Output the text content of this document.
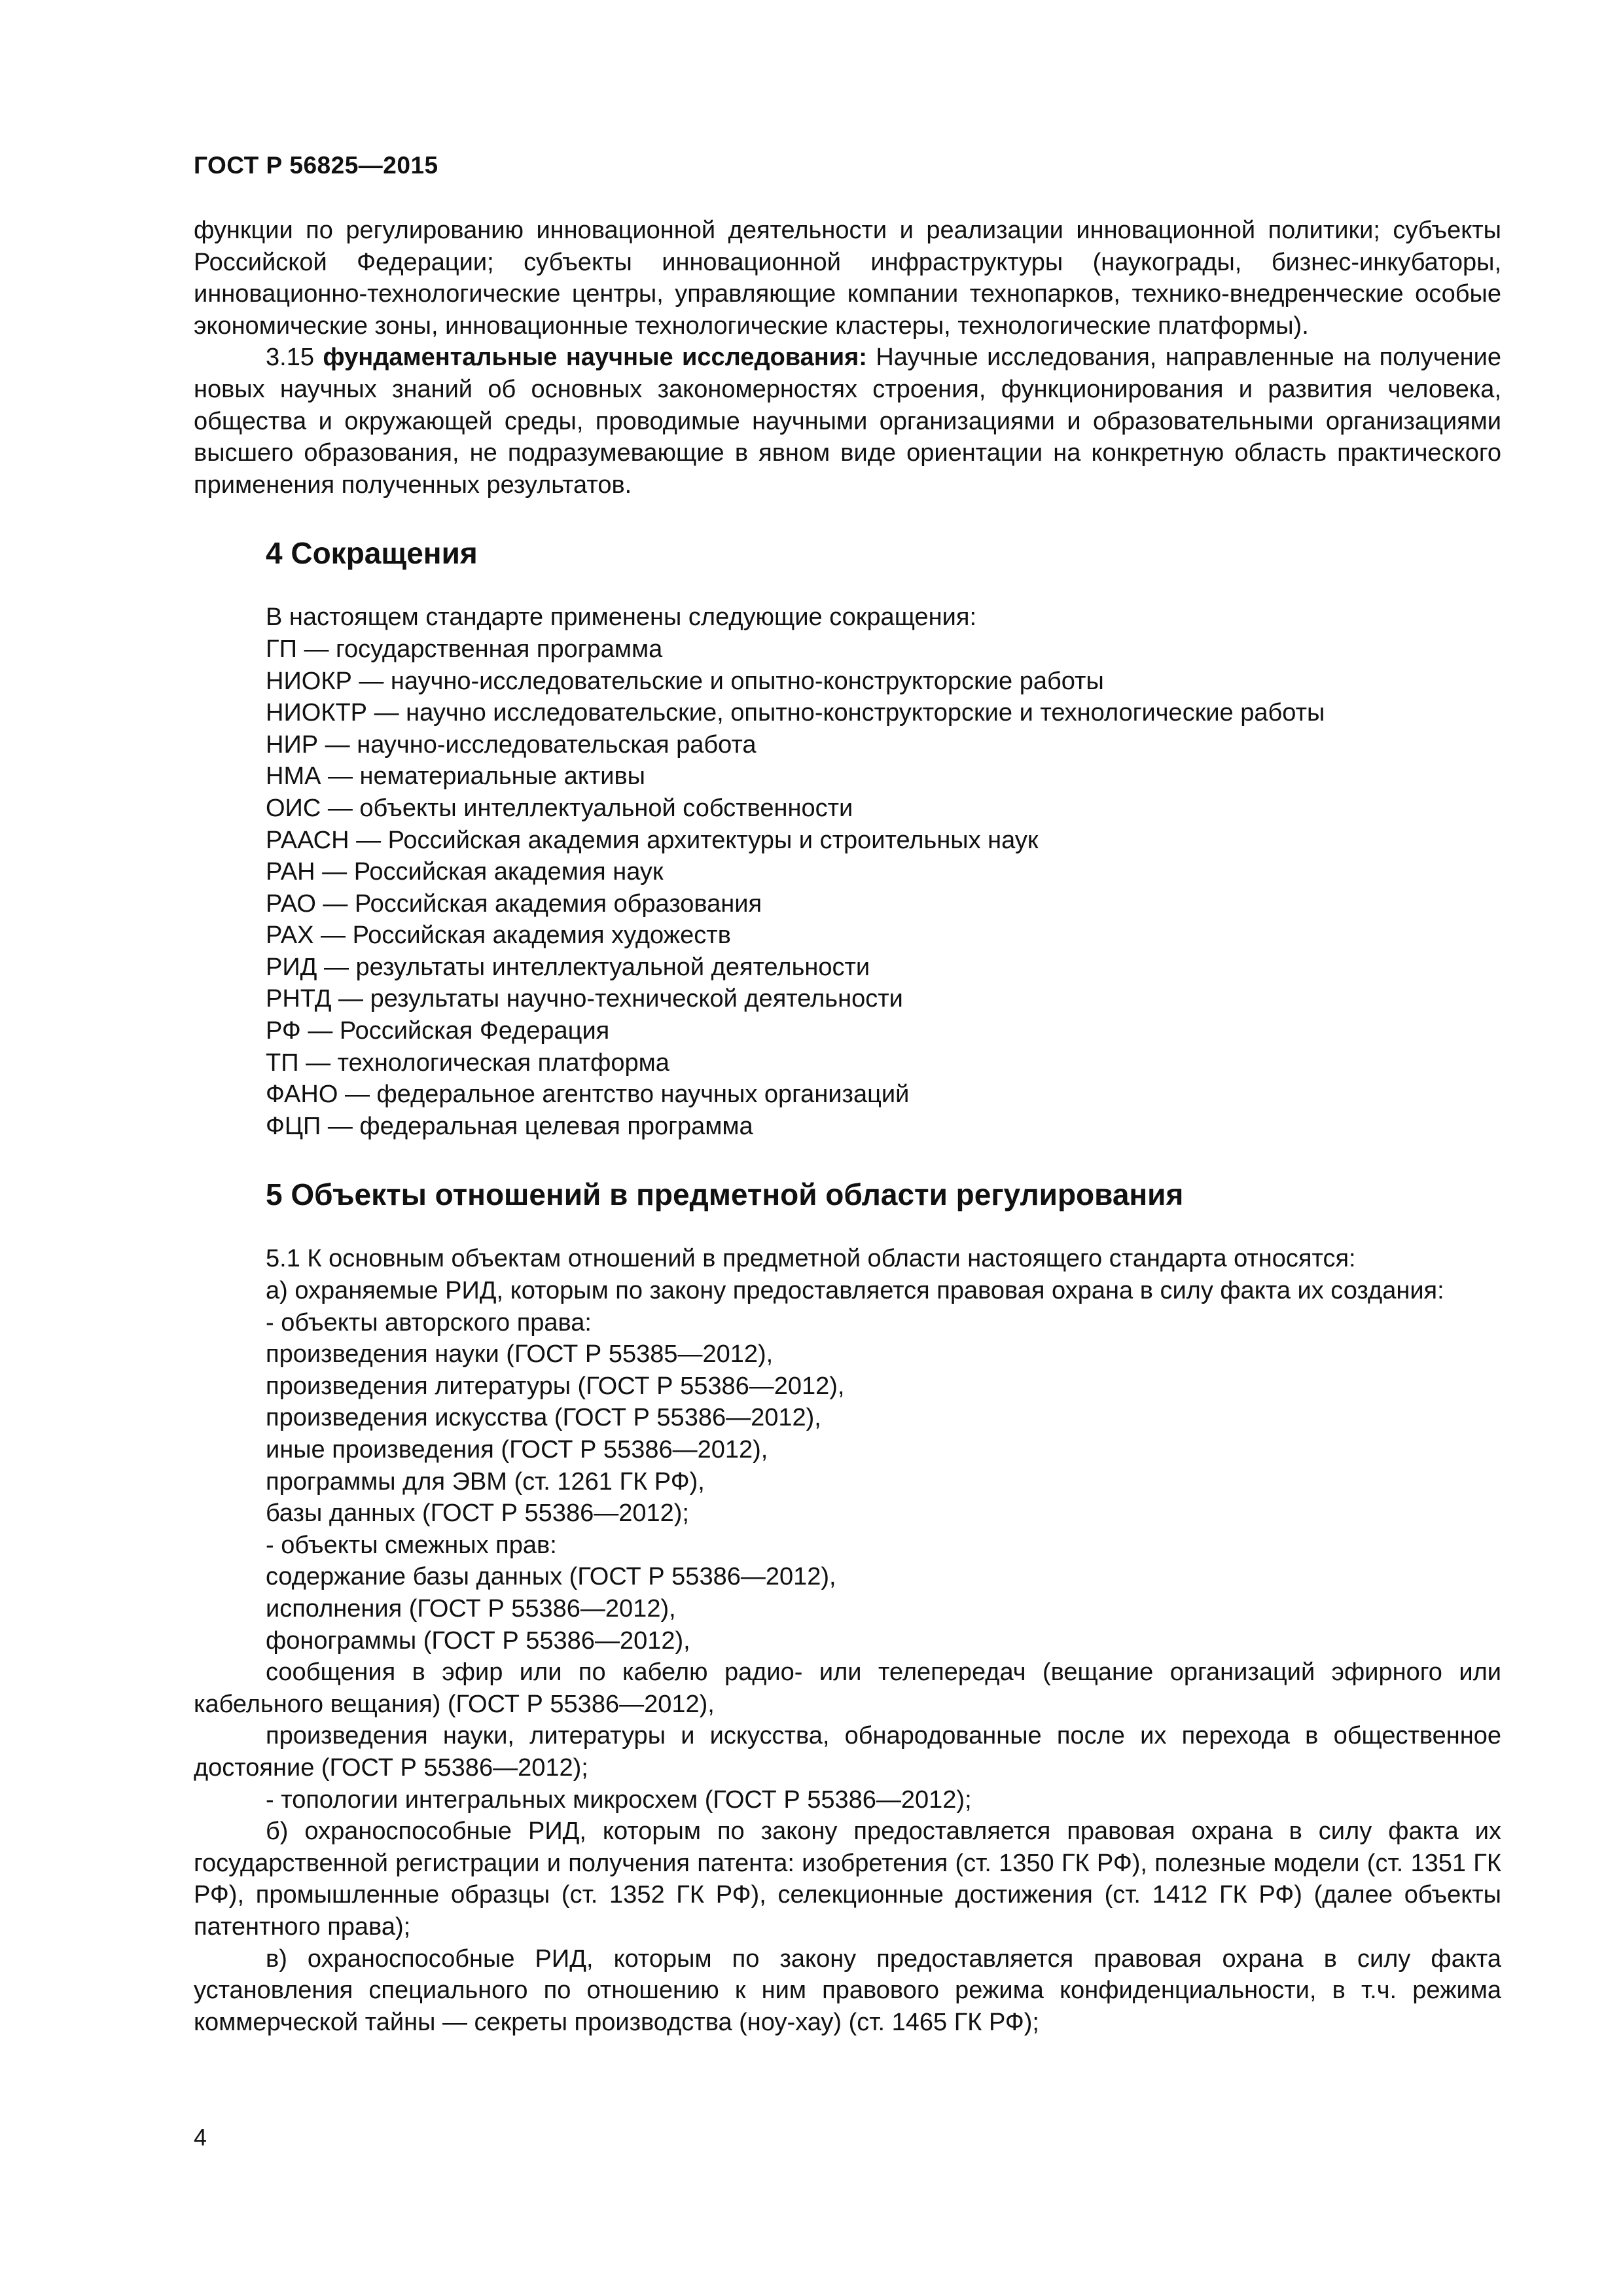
ГОСТ Р 56825—2015

функции по регулированию инновационной деятельности и реализации инновационной политики; субъекты Российской Федерации; субъекты инновационной инфраструктуры (наукограды, бизнес-инкубаторы, инновационно-технологические центры, управляющие компании технопарков, технико-внедренческие особые экономические зоны, инновационные технологические кластеры, технологические платформы).

3.15 фундаментальные научные исследования: Научные исследования, направленные на получение новых научных знаний об основных закономерностях строения, функционирования и развития человека, общества и окружающей среды, проводимые научными организациями и образовательными организациями высшего образования, не подразумевающие в явном виде ориентации на конкретную область практического применения полученных результатов.

4 Сокращения

В настоящем стандарте применены следующие сокращения:

ГП — государственная программа

НИОКР — научно-исследовательские и опытно-конструкторские работы

НИОКТР — научно исследовательские, опытно-конструкторские и технологические работы

НИР — научно-исследовательская работа

НМА — нематериальные активы

ОИС — объекты интеллектуальной собственности

РААСН — Российская академия архитектуры и строительных наук

РАН — Российская академия наук

РАО — Российская академия образования

РАХ — Российская академия художеств

РИД — результаты интеллектуальной деятельности

РНТД — результаты научно-технической деятельности

РФ — Российская Федерация

ТП — технологическая платформа

ФАНО — федеральное агентство научных организаций

ФЦП — федеральная целевая программа

5 Объекты отношений в предметной области регулирования

5.1 К основным объектам отношений в предметной области настоящего стандарта относятся:

а) охраняемые РИД, которым по закону предоставляется правовая охрана в силу факта их создания:

- объекты авторского права:

произведения науки (ГОСТ Р 55385—2012),

произведения литературы (ГОСТ Р 55386—2012),

произведения искусства (ГОСТ Р 55386—2012),

иные произведения (ГОСТ Р 55386—2012),

программы для ЭВМ (ст. 1261 ГК РФ),

базы данных (ГОСТ Р 55386—2012);

- объекты смежных прав:

содержание базы данных (ГОСТ Р 55386—2012),

исполнения (ГОСТ Р 55386—2012),

фонограммы (ГОСТ Р 55386—2012),

сообщения в эфир или по кабелю радио- или телепередач (вещание организаций эфирного или кабельного вещания) (ГОСТ Р 55386—2012),

произведения науки, литературы и искусства, обнародованные после их перехода в общественное достояние (ГОСТ Р 55386—2012);

- топологии интегральных микросхем (ГОСТ Р 55386—2012);

б) охраноспособные РИД, которым по закону предоставляется правовая охрана в силу факта их государственной регистрации и получения патента: изобретения (ст. 1350 ГК РФ), полезные модели (ст. 1351 ГК РФ), промышленные образцы (ст. 1352 ГК РФ), селекционные достижения (ст. 1412 ГК РФ) (далее объекты патентного права);

в) охраноспособные РИД, которым по закону предоставляется правовая охрана в силу факта установления специального по отношению к ним правового режима конфиденциальности, в т.ч. режима коммерческой тайны — секреты производства (ноу-хау) (ст. 1465 ГК РФ);

4
